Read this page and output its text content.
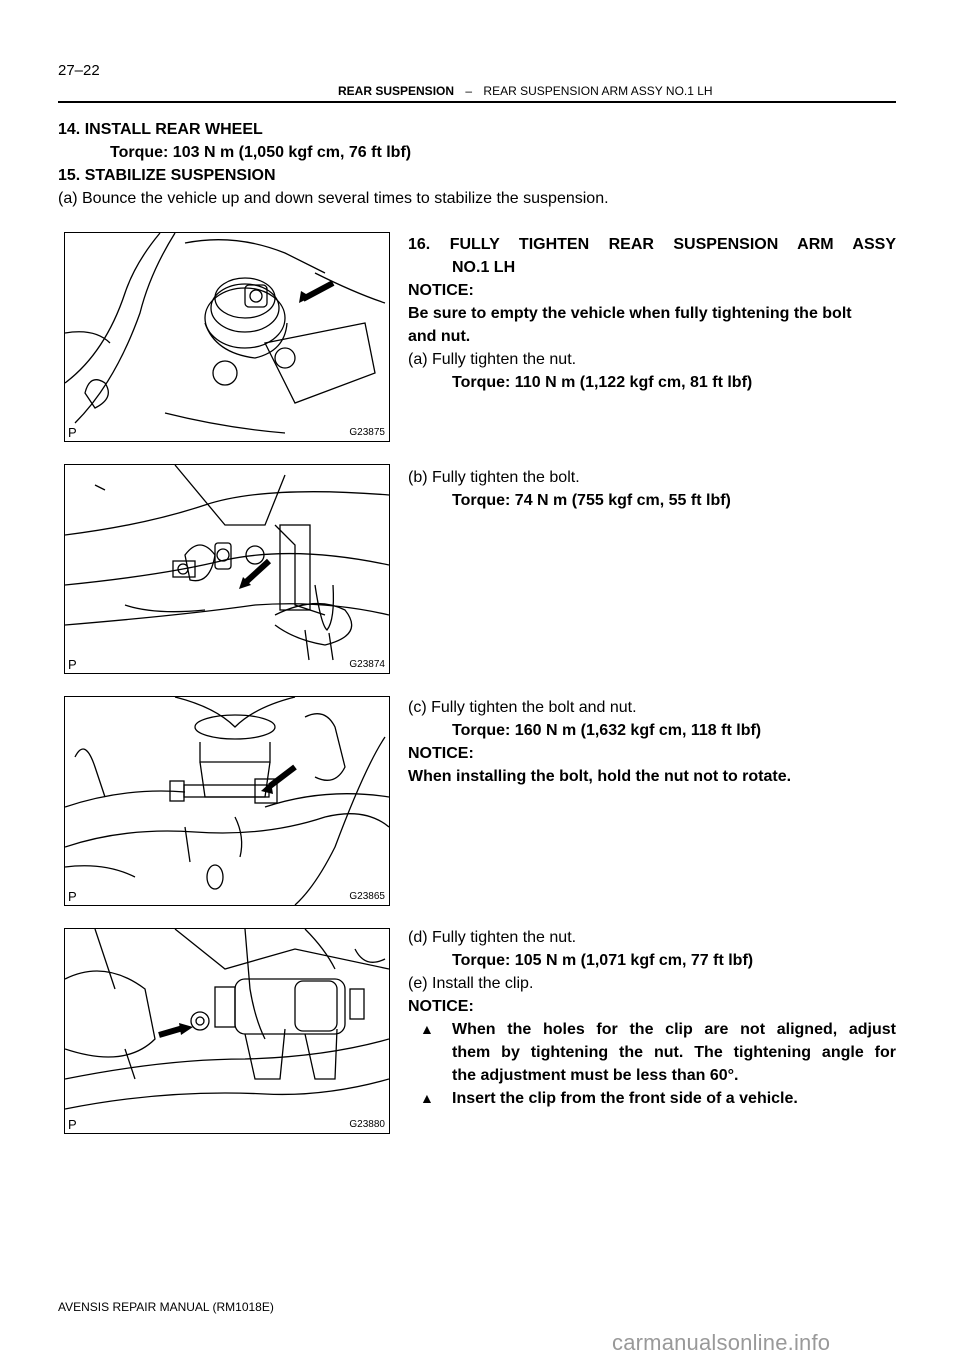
27–22
REAR SUSPENSION – REAR SUSPENSION ARM ASSY NO.1 LH
14. INSTALL REAR WHEEL
Torque: 103 N m (1,050 kgf cm, 76 ft lbf)
15. STABILIZE SUSPENSION
(a) Bounce the vehicle up and down several times to stabilize the suspension.
P	G23875
16. FULLY TIGHTEN REAR SUSPENSION ARM ASSY
NO.1 LH
NOTICE:
Be sure to empty the vehicle when fully tightening the bolt
and nut.
(a) Fully tighten the nut.
Torque: 110 N m (1,122 kgf cm, 81 ft lbf)
P	G23874
(b) Fully tighten the bolt.
Torque: 74 N m (755 kgf cm, 55 ft lbf)
P	G23865
(c) Fully tighten the bolt and nut.
Torque: 160 N m (1,632 kgf cm, 118 ft lbf)
NOTICE:
When installing the bolt, hold the nut not to rotate.
P	G23880
(d) Fully tighten the nut.
Torque: 105 N m (1,071 kgf cm, 77 ft lbf)
(e) Install the clip.
NOTICE:
▲ When the holes for the clip are not aligned, adjust
them by tightening the nut. The tightening angle for
the adjustment must be less than 60°.
▲ Insert the clip from the front side of a vehicle.
AVENSIS REPAIR MANUAL (RM1018E)
carmanualsonline.info
